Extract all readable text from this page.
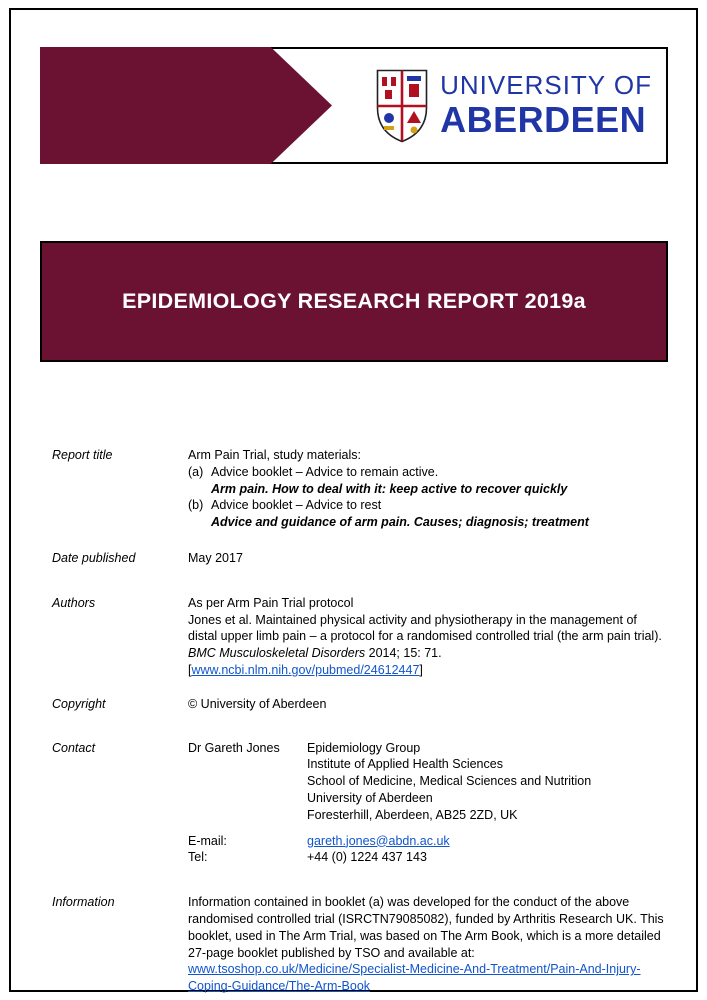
UNIVERSITY OF
ABERDEEN
EPIDEMIOLOGY RESEARCH REPORT 2019a
Report title	Arm Pain Trial, study materials:
(a) Advice booklet – Advice to remain active.
Arm pain. How to deal with it: keep active to recover quickly
(b) Advice booklet – Advice to rest
Advice and guidance of arm pain. Causes; diagnosis; treatment
Date published	May 2017
Authors	As per Arm Pain Trial protocol
Jones et al. Maintained physical activity and physiotherapy in the management of distal upper limb pain – a protocol for a randomised controlled trial (the arm pain trial). BMC Musculoskeletal Disorders 2014; 15: 71. [www.ncbi.nlm.nih.gov/pubmed/24612447]
Copyright	© University of Aberdeen
Contact	Dr Gareth Jones	Epidemiology Group
Institute of Applied Health Sciences
School of Medicine, Medical Sciences and Nutrition
University of Aberdeen
Foresterhill, Aberdeen, AB25 2ZD, UK
E-mail:	gareth.jones@abdn.ac.uk
Tel:	+44 (0) 1224 437 143
Information	Information contained in booklet (a) was developed for the conduct of the above randomised controlled trial (ISRCTN79085082), funded by Arthritis Research UK. This booklet, used in The Arm Trial, was based on The Arm Book, which is a more detailed 27-page booklet published by TSO and available at:
www.tsoshop.co.uk/Medicine/Specialist-Medicine-And-Treatment/Pain-And-Injury-Coping-Guidance/The-Arm-Book
